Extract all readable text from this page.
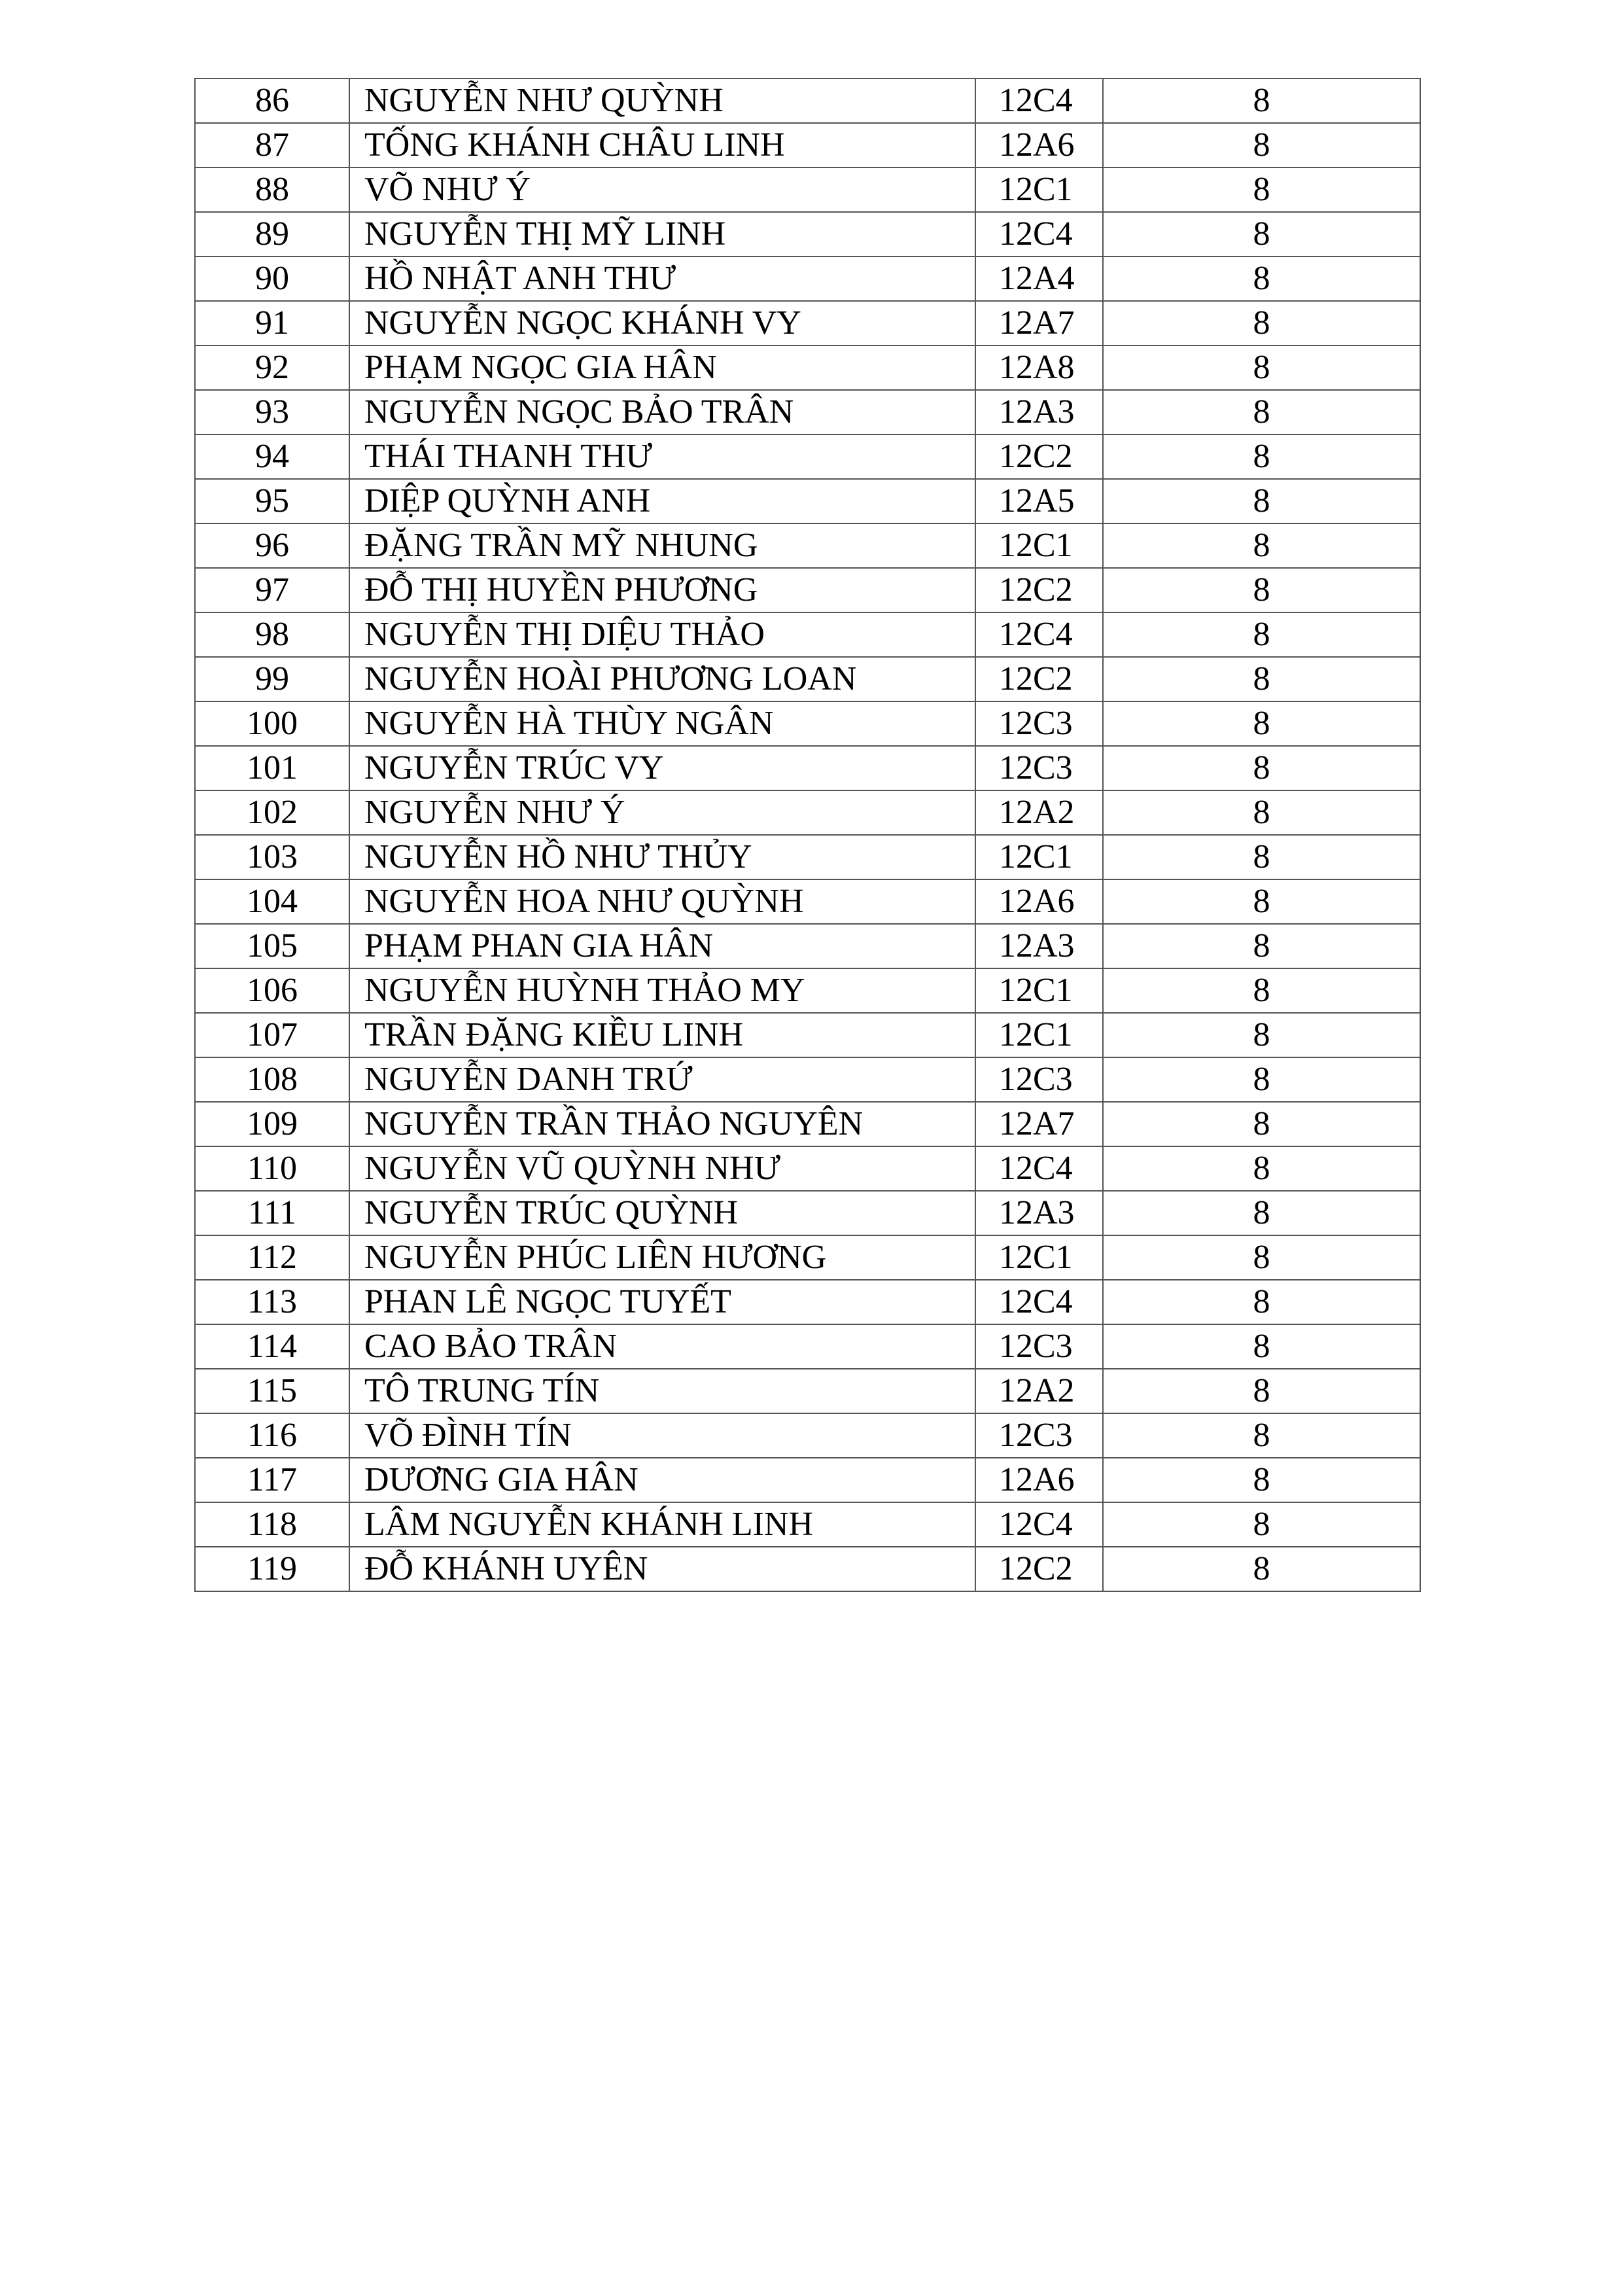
86	NGUYỄN NHƯ QUỲNH	12C4	8
87	TỐNG KHÁNH CHÂU LINH	12A6	8
88	VÕ NHƯ Ý	12C1	8
89	NGUYỄN THỊ MỸ LINH	12C4	8
90	HỒ NHẬT ANH THƯ	12A4	8
91	NGUYỄN NGỌC KHÁNH VY	12A7	8
92	PHẠM NGỌC GIA HÂN	12A8	8
93	NGUYỄN NGỌC BẢO TRÂN	12A3	8
94	THÁI THANH THƯ	12C2	8
95	DIỆP QUỲNH ANH	12A5	8
96	ĐẶNG TRẦN MỸ NHUNG	12C1	8
97	ĐỖ THỊ HUYỀN PHƯƠNG	12C2	8
98	NGUYỄN THỊ DIỆU THẢO	12C4	8
99	NGUYỄN HOÀI PHƯƠNG LOAN	12C2	8
100	NGUYỄN HÀ THÙY NGÂN	12C3	8
101	NGUYỄN TRÚC VY	12C3	8
102	NGUYỄN NHƯ Ý	12A2	8
103	NGUYỄN HỒ NHƯ THỦY	12C1	8
104	NGUYỄN HOA NHƯ QUỲNH	12A6	8
105	PHẠM PHAN GIA HÂN	12A3	8
106	NGUYỄN HUỲNH THẢO MY	12C1	8
107	TRẦN ĐẶNG KIỀU LINH	12C1	8
108	NGUYỄN DANH TRỨ	12C3	8
109	NGUYỄN TRẦN THẢO NGUYÊN	12A7	8
110	NGUYỄN VŨ QUỲNH NHƯ	12C4	8
111	NGUYỄN TRÚC QUỲNH	12A3	8
112	NGUYỄN PHÚC LIÊN HƯƠNG	12C1	8
113	PHAN LÊ NGỌC TUYẾT	12C4	8
114	CAO BẢO TRÂN	12C3	8
115	TÔ TRUNG TÍN	12A2	8
116	VÕ ĐÌNH TÍN	12C3	8
117	DƯƠNG GIA HÂN	12A6	8
118	LÂM NGUYỄN KHÁNH LINH	12C4	8
119	ĐỖ KHÁNH UYÊN	12C2	8
